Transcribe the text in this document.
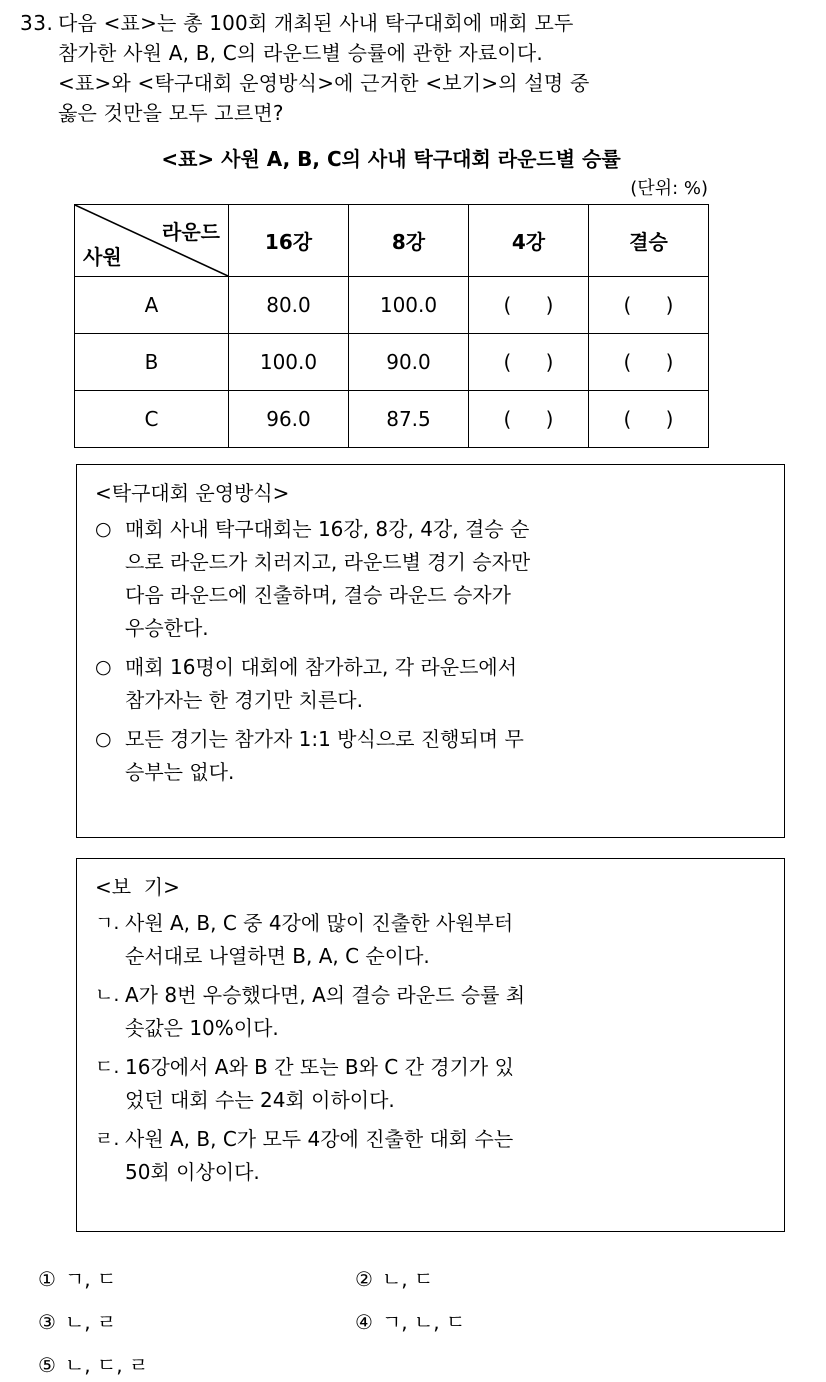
33. 다음 <표>는 총 100회 개최된 사내 탁구대회에 매회 모두
참가한 사원 A, B, C의 라운드별 승률에 관한 자료이다.
<표>와 <탁구대회 운영방식>에 근거한 <보기>의 설명 중
옳은 것만을 모두 고르면?
<표> 사원 A, B, C의 사내 탁구대회 라운드별 승률
(단위: %)
라운드
사원	16강	8강	4강	결승
A	80.0	100.0	( )	( )
B	100.0	90.0	( )	( )
C	96.0	87.5	( )	( )
<탁구대회 운영방식>
○ 매회 사내 탁구대회는 16강, 8강, 4강, 결승 순
으로 라운드가 치러지고, 라운드별 경기 승자만
다음 라운드에 진출하며, 결승 라운드 승자가
우승한다.
○ 매회 16명이 대회에 참가하고, 각 라운드에서
참가자는 한 경기만 치른다.
○ 모든 경기는 참가자 1:1 방식으로 진행되며 무
승부는 없다.
<보  기>
ㄱ. 사원 A, B, C 중 4강에 많이 진출한 사원부터
순서대로 나열하면 B, A, C 순이다.
ㄴ. A가 8번 우승했다면, A의 결승 라운드 승률 최
솟값은 10%이다.
ㄷ. 16강에서 A와 B 간 또는 B와 C 간 경기가 있
었던 대회 수는 24회 이하이다.
ㄹ. 사원 A, B, C가 모두 4강에 진출한 대회 수는
50회 이상이다.
① ㄱ, ㄷ	② ㄴ, ㄷ
③ ㄴ, ㄹ	④ ㄱ, ㄴ, ㄷ
⑤ ㄴ, ㄷ, ㄹ
